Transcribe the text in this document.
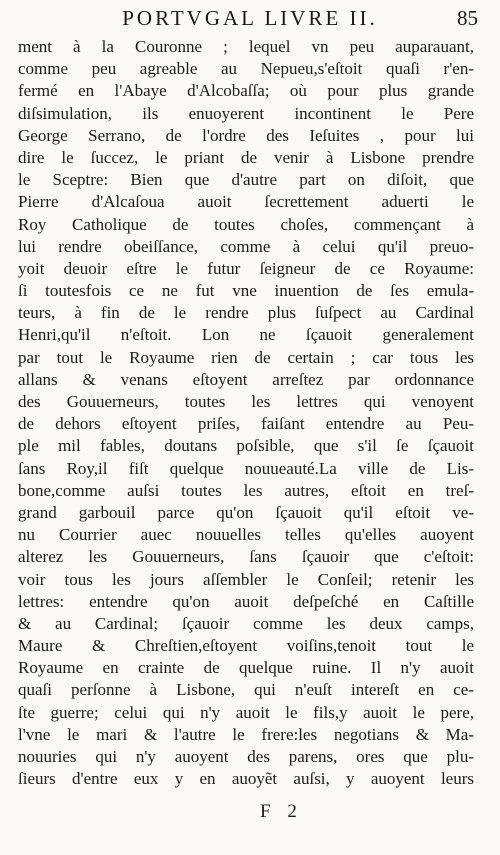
PORTVGAL LIVRE II.	85
ment à la Couronne ; lequel vn peu auparauant,
comme peu agreable au Nepueu,s'eſtoit quaſi r'en-
fermé en l'Abaye d'Alcobaſſa; où pour plus grande
diſsimulation, ils enuoyerent incontinent le Pere
George Serrano, de l'ordre des Ieſuites , pour lui
dire le ſuccez, le priant de venir à Lisbone prendre
le Sceptre: Bien que d'autre part on diſoit, que
Pierre d'Alcaſoua auoit ſecrettement aduerti le
Roy Catholique de toutes choſes, commençant à
lui rendre obeiſſance, comme à celui qu'il preuo-
yoit deuoir eſtre le futur ſeigneur de ce Royaume:
ſi toutesfois ce ne fut vne inuention de ſes emula-
teurs, à fin de le rendre plus ſuſpect au Cardinal
Henri,qu'il n'eſtoit. Lon ne ſçauoit generalement
par tout le Royaume rien de certain ; car tous les
allans & venans eſtoyent arreſtez par ordonnance
des Gouuerneurs, toutes les lettres qui venoyent
de dehors eſtoyent priſes, faiſant entendre au Peu-
ple mil fables, doutans poſsible, que s'il ſe ſçauoit
ſans Roy,il fiſt quelque nouueauté.La ville de Lis-
bone,comme auſsi toutes les autres, eſtoit en treſ-
grand garbouil parce qu'on ſçauoit qu'il eſtoit ve-
nu Courrier auec nouuelles telles qu'elles auoyent
alterez les Gouuerneurs, ſans ſçauoir que c'eſtoit:
voir tous les jours aſſembler le Conſeil; retenir les
lettres: entendre qu'on auoit deſpeſché en Caſtille
& au Cardinal; ſçauoir comme les deux camps,
Maure & Chreſtien,eſtoyent voiſins,tenoit tout le
Royaume en crainte de quelque ruine. Il n'y auoit
quaſi perſonne à Lisbone, qui n'euſt intereſt en ce-
ſte guerre; celui qui n'y auoit le fils,y auoit le pere,
l'vne le mari & l'autre le frere:les negotians & Ma-
nouuries qui n'y auoyent des parens, ores que plu-
ſieurs d'entre eux y en auoyẽt auſsi, y auoyent leurs
F 2
